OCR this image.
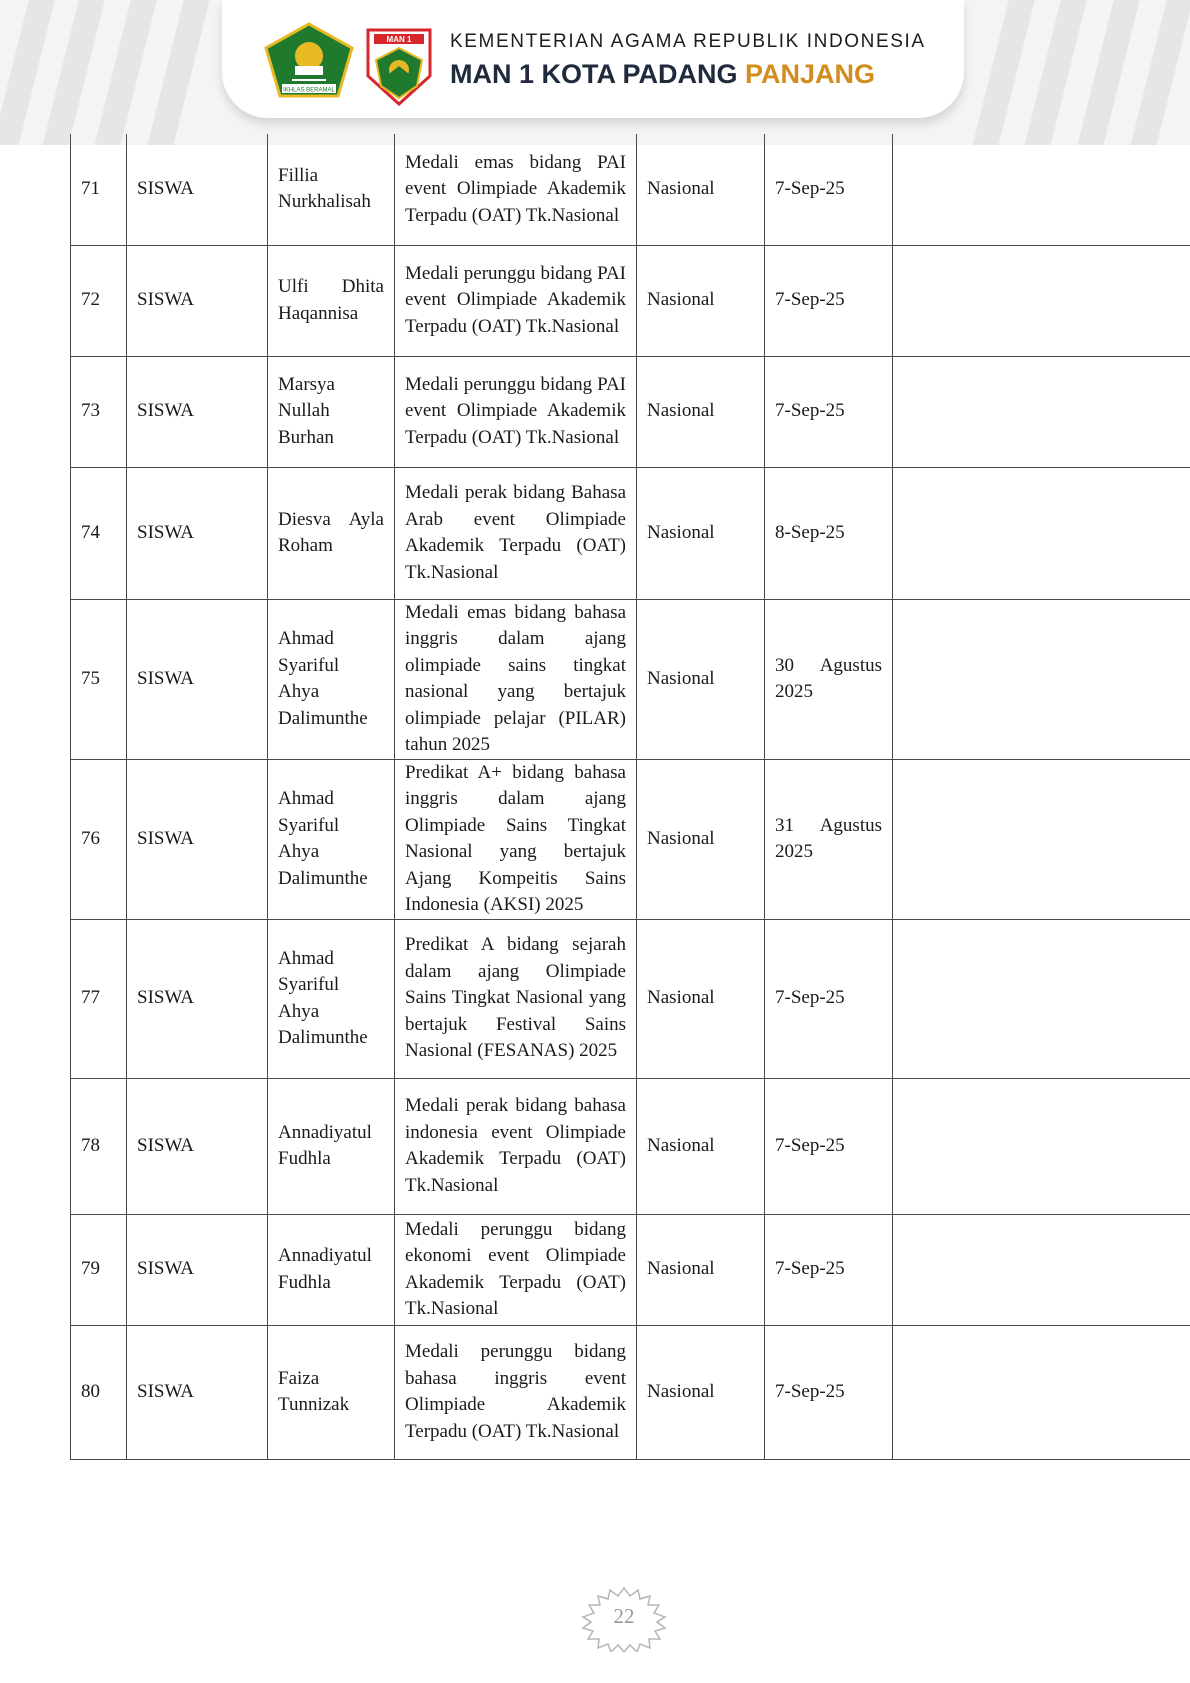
IKHLAS BERAMAL
MAN 1 KEMENTERIAN AGAMA REPUBLIK INDONESIA
MAN 1 KOTA PADANG PANJANG
71	SISWA	Fillia Nurkhalisah	Medali emas bidang PAI event Olimpiade Akademik Terpadu (OAT) Tk.Nasional	Nasional	7-Sep-25	
72	SISWA	Ulfi Dhita Haqannisa	Medali perunggu bidang PAI event Olimpiade Akademik Terpadu (OAT) Tk.Nasional	Nasional	7-Sep-25	
73	SISWA	Marsya Nullah Burhan	Medali perunggu bidang PAI event Olimpiade Akademik Terpadu (OAT) Tk.Nasional	Nasional	7-Sep-25	
74	SISWA	Diesva Ayla Roham	Medali perak bidang Bahasa Arab event Olimpiade Akademik Terpadu (OAT) Tk.Nasional	Nasional	8-Sep-25	
75	SISWA	Ahmad Syariful Ahya Dalimunthe	Medali emas bidang bahasa inggris dalam ajang olimpiade sains tingkat nasional yang bertajuk olimpiade pelajar (PILAR) tahun 2025	Nasional	30 Agustus 2025	
76	SISWA	Ahmad Syariful Ahya Dalimunthe	Predikat A+ bidang bahasa inggris dalam ajang Olimpiade Sains Tingkat Nasional yang bertajuk Ajang Kompeitis Sains Indonesia (AKSI) 2025	Nasional	31 Agustus 2025	
77	SISWA	Ahmad Syariful Ahya Dalimunthe	Predikat A bidang sejarah dalam ajang Olimpiade Sains Tingkat Nasional yang bertajuk Festival Sains Nasional (FESANAS) 2025	Nasional	7-Sep-25	
78	SISWA	Annadiyatul Fudhla	Medali perak bidang bahasa indonesia event Olimpiade Akademik Terpadu (OAT) Tk.Nasional	Nasional	7-Sep-25	
79	SISWA	Annadiyatul Fudhla	Medali perunggu bidang ekonomi event Olimpiade Akademik Terpadu (OAT) Tk.Nasional	Nasional	7-Sep-25	
80	SISWA	Faiza Tunnizak	Medali perunggu bidang bahasa inggris event Olimpiade Akademik Terpadu (OAT) Tk.Nasional	Nasional	7-Sep-25	
22
